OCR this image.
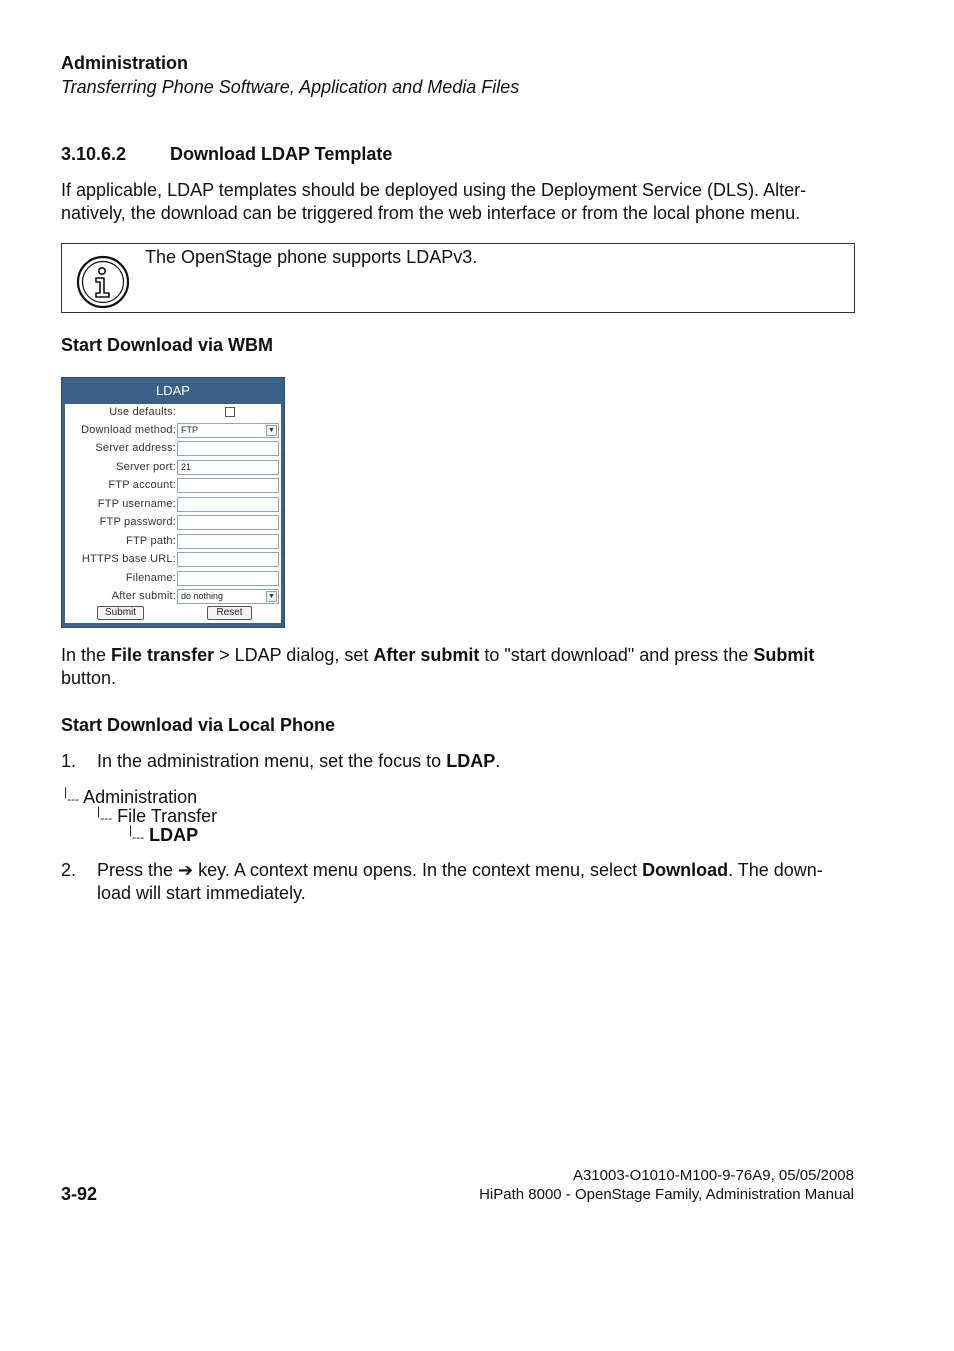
Administration
Transferring Phone Software, Application and Media Files
3.10.6.2 Download LDAP Template
If applicable, LDAP templates should be deployed using the Deployment Service (DLS). Alter-
natively, the download can be triggered from the web interface or from the local phone menu.
The OpenStage phone supports LDAPv3.
Start Download via WBM
LDAP
Use defaults:
Download method: FTP	▼
Server address:
Server port: 21
FTP account:
FTP username:
FTP password:
FTP path:
HTTPS base URL:
Filename:
After submit: do nothing	▼
Submit	Reset
In the File transfer > LDAP dialog, set After submit to "start download" and press the Submit
button.
Start Download via Local Phone
1. In the administration menu, set the focus to LDAP.
|--- Administration
|--- File Transfer
|--- LDAP
2. Press the ➔ key. A context menu opens. In the context menu, select Download. The down-
load will start immediately.
3-92
A31003-O1010-M100-9-76A9, 05/05/2008
HiPath 8000 - OpenStage Family, Administration Manual
